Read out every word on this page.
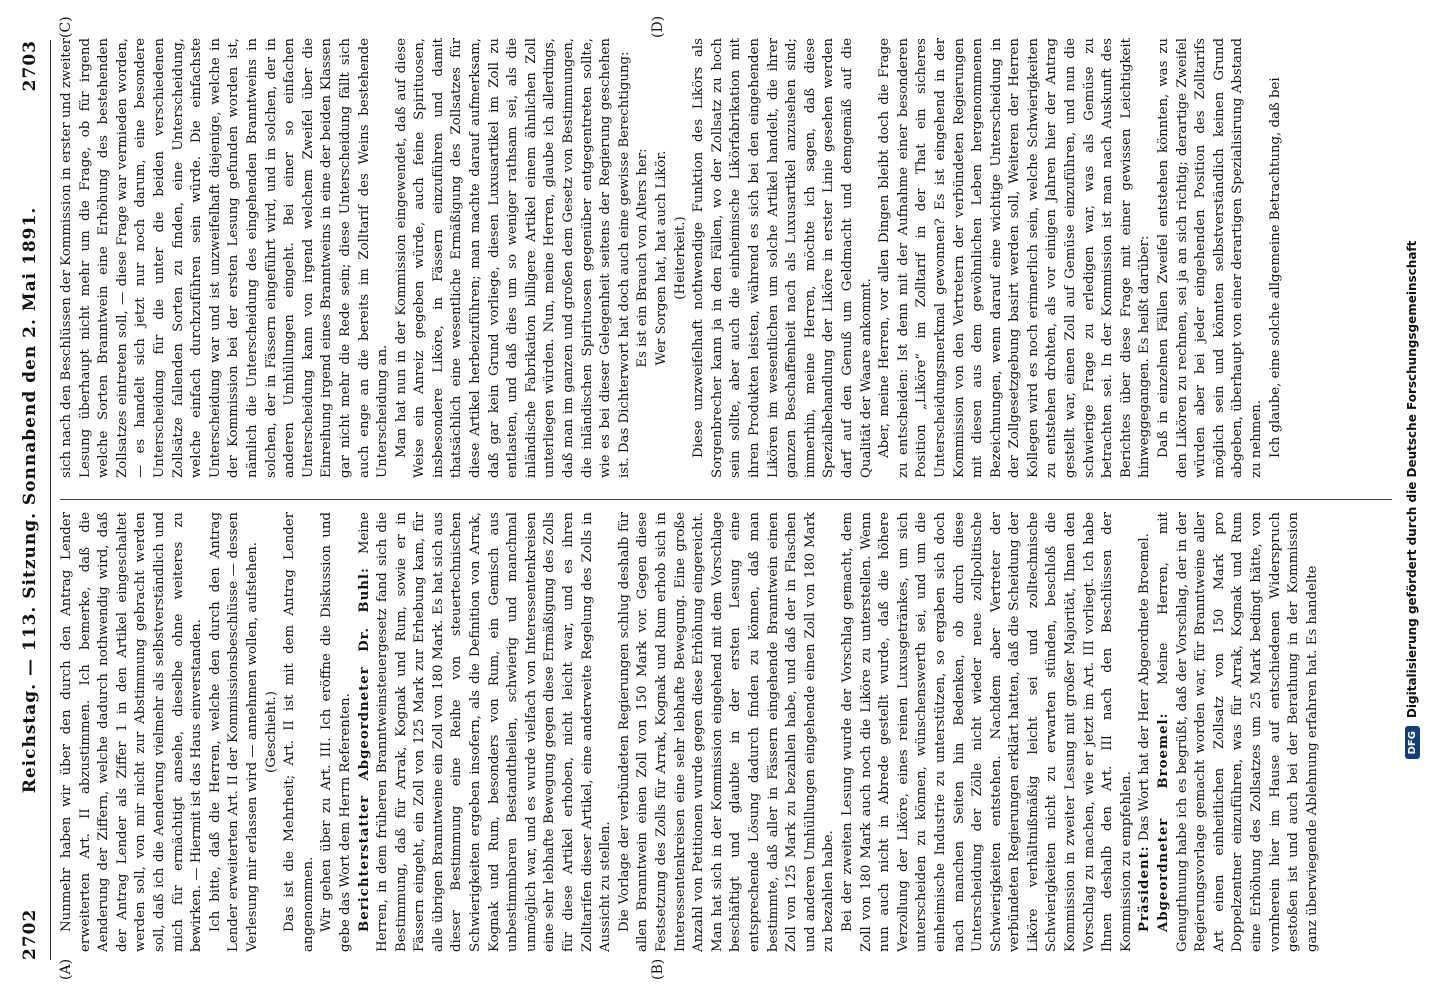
2702
Reichstag. — 113. Sitzung. Sonnabend den 2. Mai 1891.
2703
(A)	(B)
(C)	(D)

Nunmehr haben wir über den durch den Antrag Lender erweiterten Art. II abzustimmen. Ich bemerke, daß die Aenderung der Ziffern, welche dadurch nothwendig wird, daß der Antrag Lender als Ziffer 1 in den Artikel eingeschaltet werden soll, von mir nicht zur Abstimmung gebracht werden soll, daß ich die Aenderung vielmehr als selbstverständlich und mich für ermächtigt ansehe, dieselbe ohne weiteres zu bewirken. — Hiermit ist das Haus einverstanden. Ich bitte, daß die Herren, welche den durch den Antrag Lender erweiterten Art. II der Kommissionsbeschlüsse — dessen Verlesung mir erlassen wird — annehmen wollen, aufstehen. (Geschieht.) Das ist die Mehrheit; Art. II ist mit dem Antrag Lender angenommen. Wir gehen über zu Art. III. Ich eröffne die Diskussion und gebe das Wort dem Herrn Referenten. Berichterstatter Abgeordneter Dr. Buhl: Meine Herren, in dem früheren Branntweinsteuergesetz fand sich die Bestimmung, daß für Arrak, Kognak und Rum, sowie er in Fässern eingeht, ein Zoll von 125 Mark zur Erhebung kam, für alle übrigen Branntweine ein Zoll von 180 Mark. Es hat sich aus dieser Bestimmung eine Reihe von steuertechnischen Schwierigkeiten ergeben insofern, als die Definition von Arrak, Kognak und Rum, besonders von Rum, ein Gemisch aus unbestimmbaren Bestandtheilen, schwierig und manchmal unmöglich war, und es wurde vielfach von Interessentenkreisen eine sehr lebhafte Bewegung gegen diese Ermäßigung des Zolls für diese Artikel erhoben, nicht leicht war, und es ihren Zolltarifen dieser Artikel, eine anderweite Regelung des Zolls in Aussicht zu stellen. Die Vorlage der verbündeten Regierungen schlug deshalb für allen Branntwein einen Zoll von 150 Mark vor. Gegen diese Festsetzung des Zolls für Arrak, Kognak und Rum erhob sich in Interessentenkreisen eine sehr lebhafte Bewegung. Eine große Anzahl von Petitionen wurde gegen diese Erhöhung eingereicht. Man hat sich in der Kommission eingehend mit dem Vorschlage beschäftigt und glaubte in der ersten Lesung eine entsprechende Lösung dadurch finden zu können, daß man bestimmte, daß aller in Fässern eingehende Branntwein einen Zoll von 125 Mark zu bezahlen habe, und daß der in Flaschen und anderen Umhüllungen eingehende einen Zoll von 180 Mark zu bezahlen habe. Bei der zweiten Lesung wurde der Vorschlag gemacht, dem Zoll von 180 Mark auch noch die Likörе zu unterstellen. Wenn nun auch nicht in Abrede gestellt wurde, daß die höhere Verzollung der Liköre, eines reinen Luxusgetränkes, um sich unterscheiden zu können, wünschenswerth sei, und um die einheimische Industrie zu unterstützen, so ergaben sich doch nach manchen Seiten hin Bedenken, ob durch diese Unterscheidung der Zölle nicht wieder neue zollpolitische Schwierigkeiten entstehen. Nachdem aber Vertreter der verbündeten Regierungen erklärt hatten, daß die Scheidung der Liköre verhältnißmäßig leicht sei und zolltechnische Schwierigkeiten nicht zu erwarten stünden, beschloß die Kommission in zweiter Lesung mit großer Majorität, Ihnen den Vorschlag zu machen, wie er jetzt im Art. III vorliegt. Ich habe Ihnen deshalb den Art. III nach den Beschlüssen der Kommission zu empfehlen. Präsident: Das Wort hat der Herr Abgeordnete Broemel. Abgeordneter Broemel: Meine Herren, mit Genugthuung habe ich es begrüßt, daß der Vorschlag, der in der Regierungsvorlage gemacht worden war, für Branntweine aller Art einen einheitlichen Zollsatz von 150 Mark pro Doppelzentner einzuführen, was für Arrak, Kognak und Rum eine Erhöhung des Zollsatzes um 25 Mark bedingt hätte, von vornherein hier im Hause auf entschiedenen Widerspruch gestoßen ist und auch bei der Berathung in der Kommission ganz überwiegende Ablehnung erfahren hat. Es handelte

sich nach den Beschlüssen der Kommission in erster und zweiter Lesung überhaupt nicht mehr um die Frage, ob für irgend welche Sorten Branntwein eine Erhöhung des bestehenden Zollsatzes eintreten soll, — diese Frage war vermieden worden, — es handelt sich jetzt nur noch darum, eine besondere Unterscheidung für die unter die beiden verschiedenen Zollsätze fallenden Sorten zu finden, eine Unterscheidung, welche einfach durchzuführen sein würde. Die einfachste Unterscheidung war und ist unzweifelhaft diejenige, welche in der Kommission bei der ersten Lesung gefunden worden ist, nämlich die Unterscheidung des eingehenden Branntweins in solchen, der in Fässern eingeführt wird, und in solchen, der in anderen Umhüllungen eingeht. Bei einer so einfachen Unterscheidung kann von irgend welchem Zweifel über die Einreihung irgend eines Branntweins in eine der beiden Klassen gar nicht mehr die Rede sein; diese Unterscheidung fällt sich auch enge an die bereits im Zolltarif des Weins bestehende Unterscheidung an. Man hat nun in der Kommission eingewendet, daß auf diese Weise ein Anreiz gegeben würde, auch feine Spirituosen, insbesondere Liköre, in Fässern einzuführen und damit thatsächlich eine wesentliche Ermäßigung des Zollsatzes für diese Artikel herbeizuführen; man machte darauf aufmerksam, daß gar kein Grund vorliege, diesen Luxusartikel im Zoll zu entlasten, und daß dies um so weniger rathsam sei, als die inländische Fabrikation billigere Artikel einem ähnlichen Zoll unterliegen würden. Nun, meine Herren, glaube ich allerdings, daß man im ganzen und großen dem Gesetz von Bestimmungen, die inländischen Spirituosen gegenüber entgegentreten sollte, wie es bei dieser Gelegenheit seitens der Regierung geschehen ist. Das Dichterwort hat doch auch eine gewisse Berechtigung: Es ist ein Brauch von Alters her: Wer Sorgen hat, hat auch Likör. (Heiterkeit.) Diese unzweifelhaft nothwendige Funktion des Likörs als Sorgenbrecher kann ja in den Fällen, wo der Zollsatz zu hoch sein sollte, aber auch die einheimische Likörfabrikation mit ihren Produkten leisten, während es sich bei den eingehenden Likören im wesentlichen um solche Artikel handelt, die ihrer ganzen Beschaffenheit nach als Luxusartikel anzusehen sind; immerhin, meine Herren, möchte ich sagen, daß diese Spezialbehandlung der Liköre in erster Linie gesehen werden darf auf den Genuß um Geldmacht und demgemäß auf die Qualität der Waare ankommt. Aber, meine Herren, vor allen Dingen bleibt doch die Frage zu entscheiden: Ist denn mit der Aufnahme einer besonderen Position „Liköre“ im Zolltarif in der That ein sicheres Unterscheidungsmerkmal gewonnen? Es ist eingehend in der Kommission von den Vertretern der verbündeten Regierungen mit diesen aus dem gewöhnlichen Leben hergenommenen Bezeichnungen, wenn darauf eine wichtige Unterscheidung in der Zollgesetzgebung basirt werden soll, Weiteren der Herren Kollegen wird es noch erinnerlich sein, welche Schwierigkeiten zu entstehen drohten, als vor einigen Jahren hier der Antrag gestellt war, einen Zoll auf Gemüse einzuführen, und nun die schwierige Frage zu erledigen war, was als Gemüse zu betrachten sei. In der Kommission ist man nach Auskunft des Berichtes über diese Frage mit einer gewissen Leichtigkeit hinweggegangen. Es heißt darüber: Daß in einzelnen Fällen Zweifel entstehen könnten, was zu den Likören zu rechnen, sei ja an sich richtig; derartige Zweifel würden aber bei jeder eingehenden Position des Zolltarifs möglich sein und könnten selbstverständlich keinen Grund abgeben, überhaupt von einer derartigen Spezialisirung Abstand zu nehmen. Ich glaube, eine solche allgemeine Betrachtung, daß bei

DFG
Digitalisierung gefördert durch die Deutsche Forschungsgemeinschaft
